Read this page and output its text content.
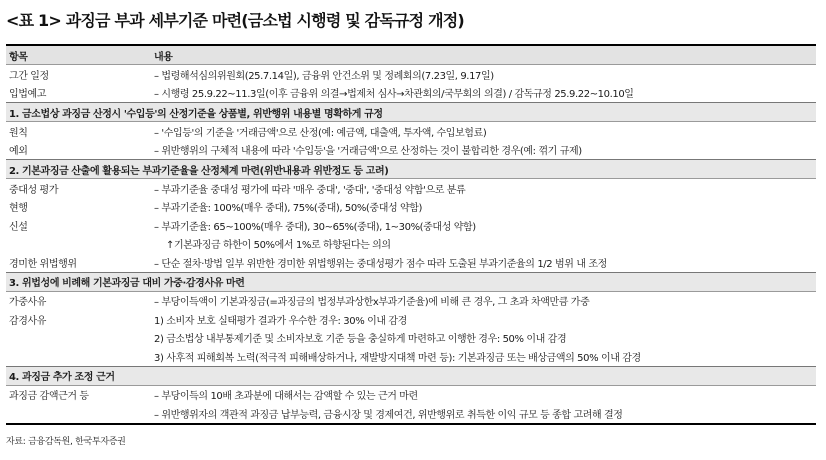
<표 1> 과징금 부과 세부기준 마련(금소법 시행령 및 감독규정 개정)
항목	내용
그간 일정	– 법령해석심의위원회(25.7.14일), 금융위 안건소위 및 정례회의(7.23일, 9.17일)
입법예고	– 시행령 25.9.22~11.3일(이후 금융위 의결→법제처 심사→차관회의/국무회의 의결) / 감독규정 25.9.22~10.10일
1. 금소법상 과징금 산정시 '수입등'의 산정기준을 상품별, 위반행위 내용별 명확하게 규정
원칙	– '수입등'의 기준을 '거래금액'으로 산정(예: 예금액, 대출액, 투자액, 수입보험료)
예외	– 위반행위의 구체적 내용에 따라 '수입등'을 '거래금액'으로 산정하는 것이 불합리한 경우(예: 꺾기 규제)
2. 기본과징금 산출에 활용되는 부과기준율을 산정체계 마련(위반내용과 위반정도 등 고려)
중대성 평가	– 부과기준율 중대성 평가에 따라 '매우 중대', '중대', '중대성 약함'으로 분류
현행	– 부과기준율: 100%(매우 중대), 75%(중대), 50%(중대성 약함)
신설	– 부과기준율: 65~100%(매우 중대), 30~65%(중대), 1~30%(중대성 약함)
↑기본과징금 하한이 50%에서 1%로 하향된다는 의의
경미한 위법행위	– 단순 절차·방법 일부 위반한 경미한 위법행위는 중대성평가 점수 따라 도출된 부과기준율의 1/2 범위 내 조정
3. 위법성에 비례해 기본과징금 대비 가중·감경사유 마련
가중사유	– 부당이득액이 기본과징금(=과징금의 법정부과상한x부과기준율)에 비해 큰 경우, 그 초과 차액만큼 가중
감경사유	1) 소비자 보호 실태평가 결과가 우수한 경우: 30% 이내 감경
2) 금소법상 내부통제기준 및 소비자보호 기준 등을 충실하게 마련하고 이행한 경우: 50% 이내 감경
3) 사후적 피해회복 노력(적극적 피해배상하거나, 재발방지대책 마련 등): 기본과징금 또는 배상금액의 50% 이내 감경
4. 과징금 추가 조정 근거
과징금 감액근거 등	– 부당이득의 10배 초과분에 대해서는 감액할 수 있는 근거 마련
– 위반행위자의 객관적 과징금 납부능력, 금융시장 및 경제여건, 위반행위로 취득한 이익 규모 등 종합 고려해 결정
자료: 금융감독원, 한국투자증권
